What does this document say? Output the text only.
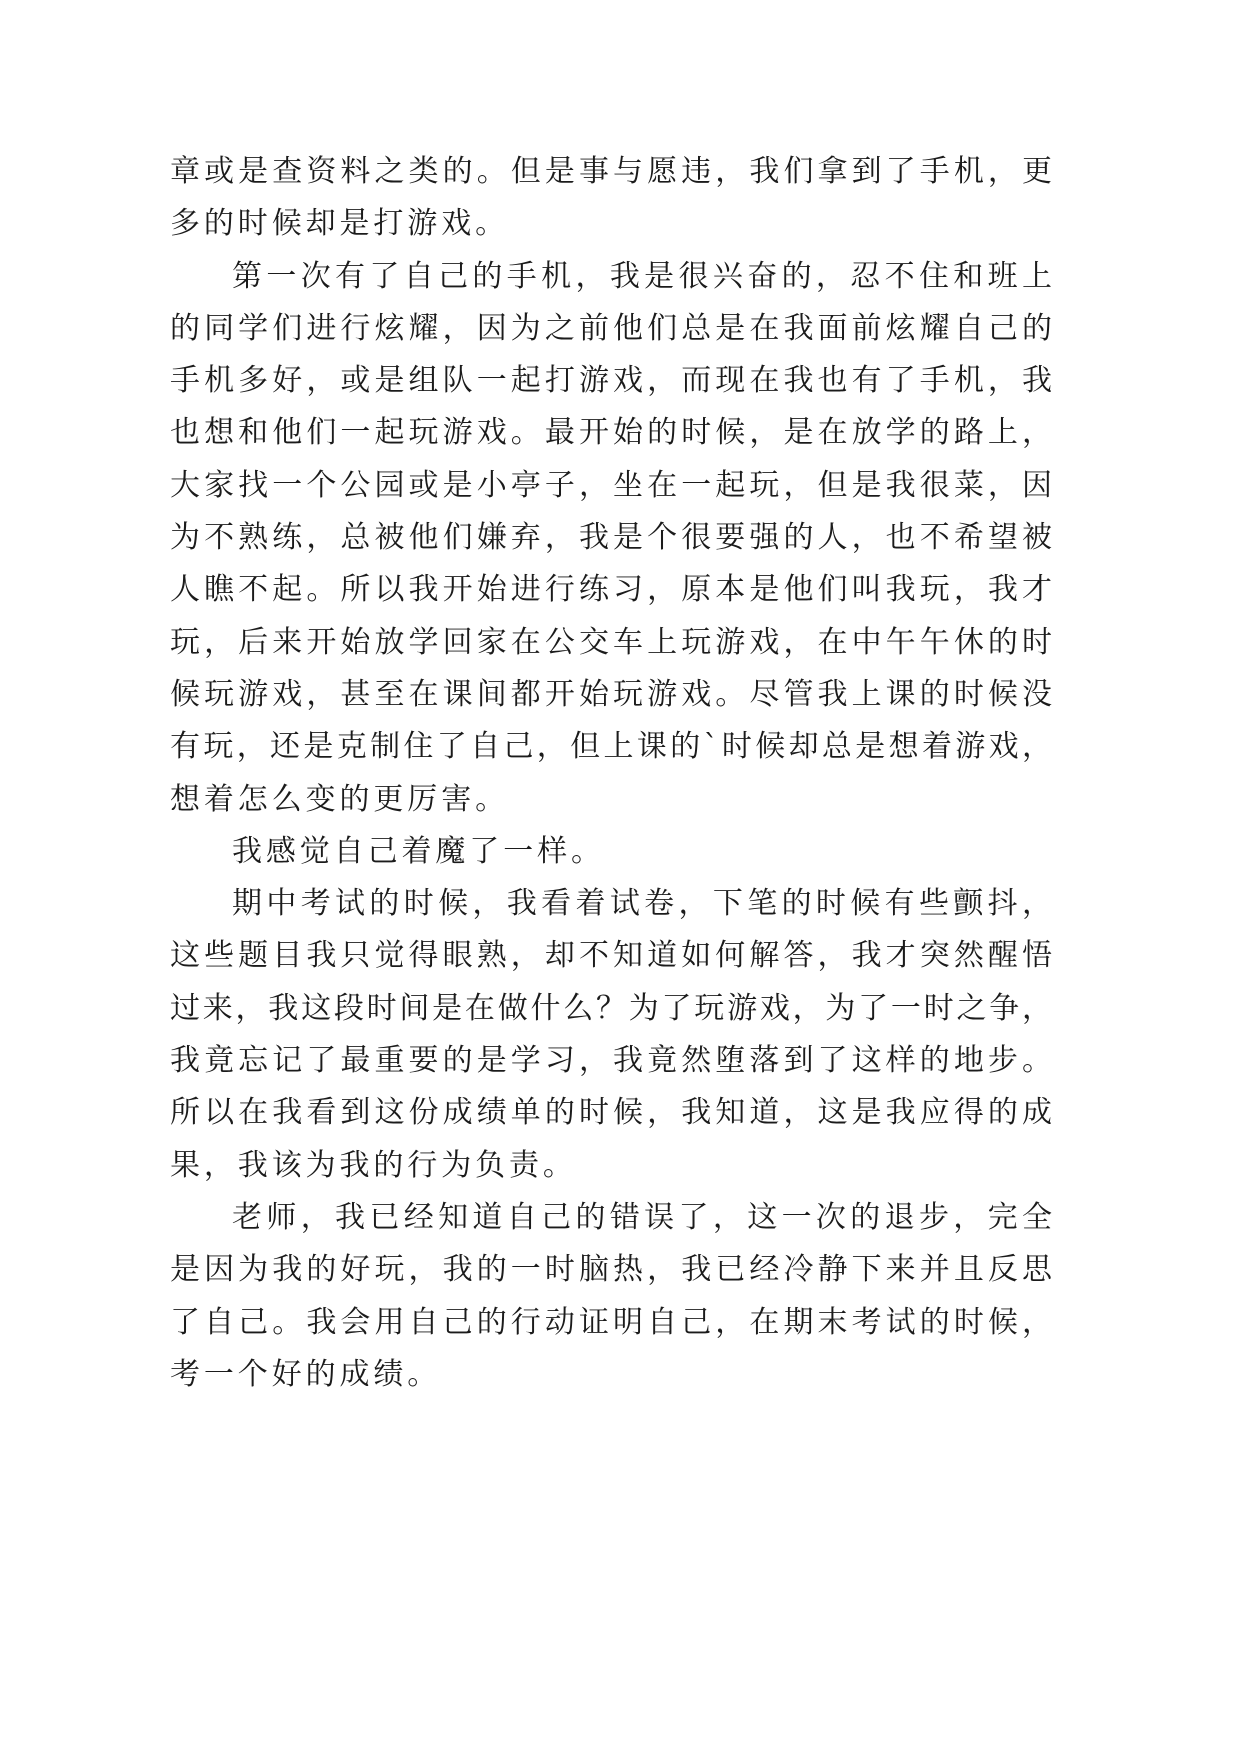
章或是查资料之类的。但是事与愿违，我们拿到了手机，更
多的时候却是打游戏。
第一次有了自己的手机，我是很兴奋的，忍不住和班上
的同学们进行炫耀，因为之前他们总是在我面前炫耀自己的
手机多好，或是组队一起打游戏，而现在我也有了手机，我
也想和他们一起玩游戏。最开始的时候，是在放学的路上，
大家找一个公园或是小亭子，坐在一起玩，但是我很菜，因
为不熟练，总被他们嫌弃，我是个很要强的人，也不希望被
人瞧不起。所以我开始进行练习，原本是他们叫我玩，我才
玩，后来开始放学回家在公交车上玩游戏，在中午午休的时
候玩游戏，甚至在课间都开始玩游戏。尽管我上课的时候没
有玩，还是克制住了自己，但上课的`时候却总是想着游戏，
想着怎么变的更厉害。
我感觉自己着魔了一样。
期中考试的时候，我看着试卷，下笔的时候有些颤抖，
这些题目我只觉得眼熟，却不知道如何解答，我才突然醒悟
过来，我这段时间是在做什么？为了玩游戏，为了一时之争，
我竟忘记了最重要的是学习，我竟然堕落到了这样的地步。
所以在我看到这份成绩单的时候，我知道，这是我应得的成
果，我该为我的行为负责。
老师，我已经知道自己的错误了，这一次的退步，完全
是因为我的好玩，我的一时脑热，我已经冷静下来并且反思
了自己。我会用自己的行动证明自己，在期末考试的时候，
考一个好的成绩。
